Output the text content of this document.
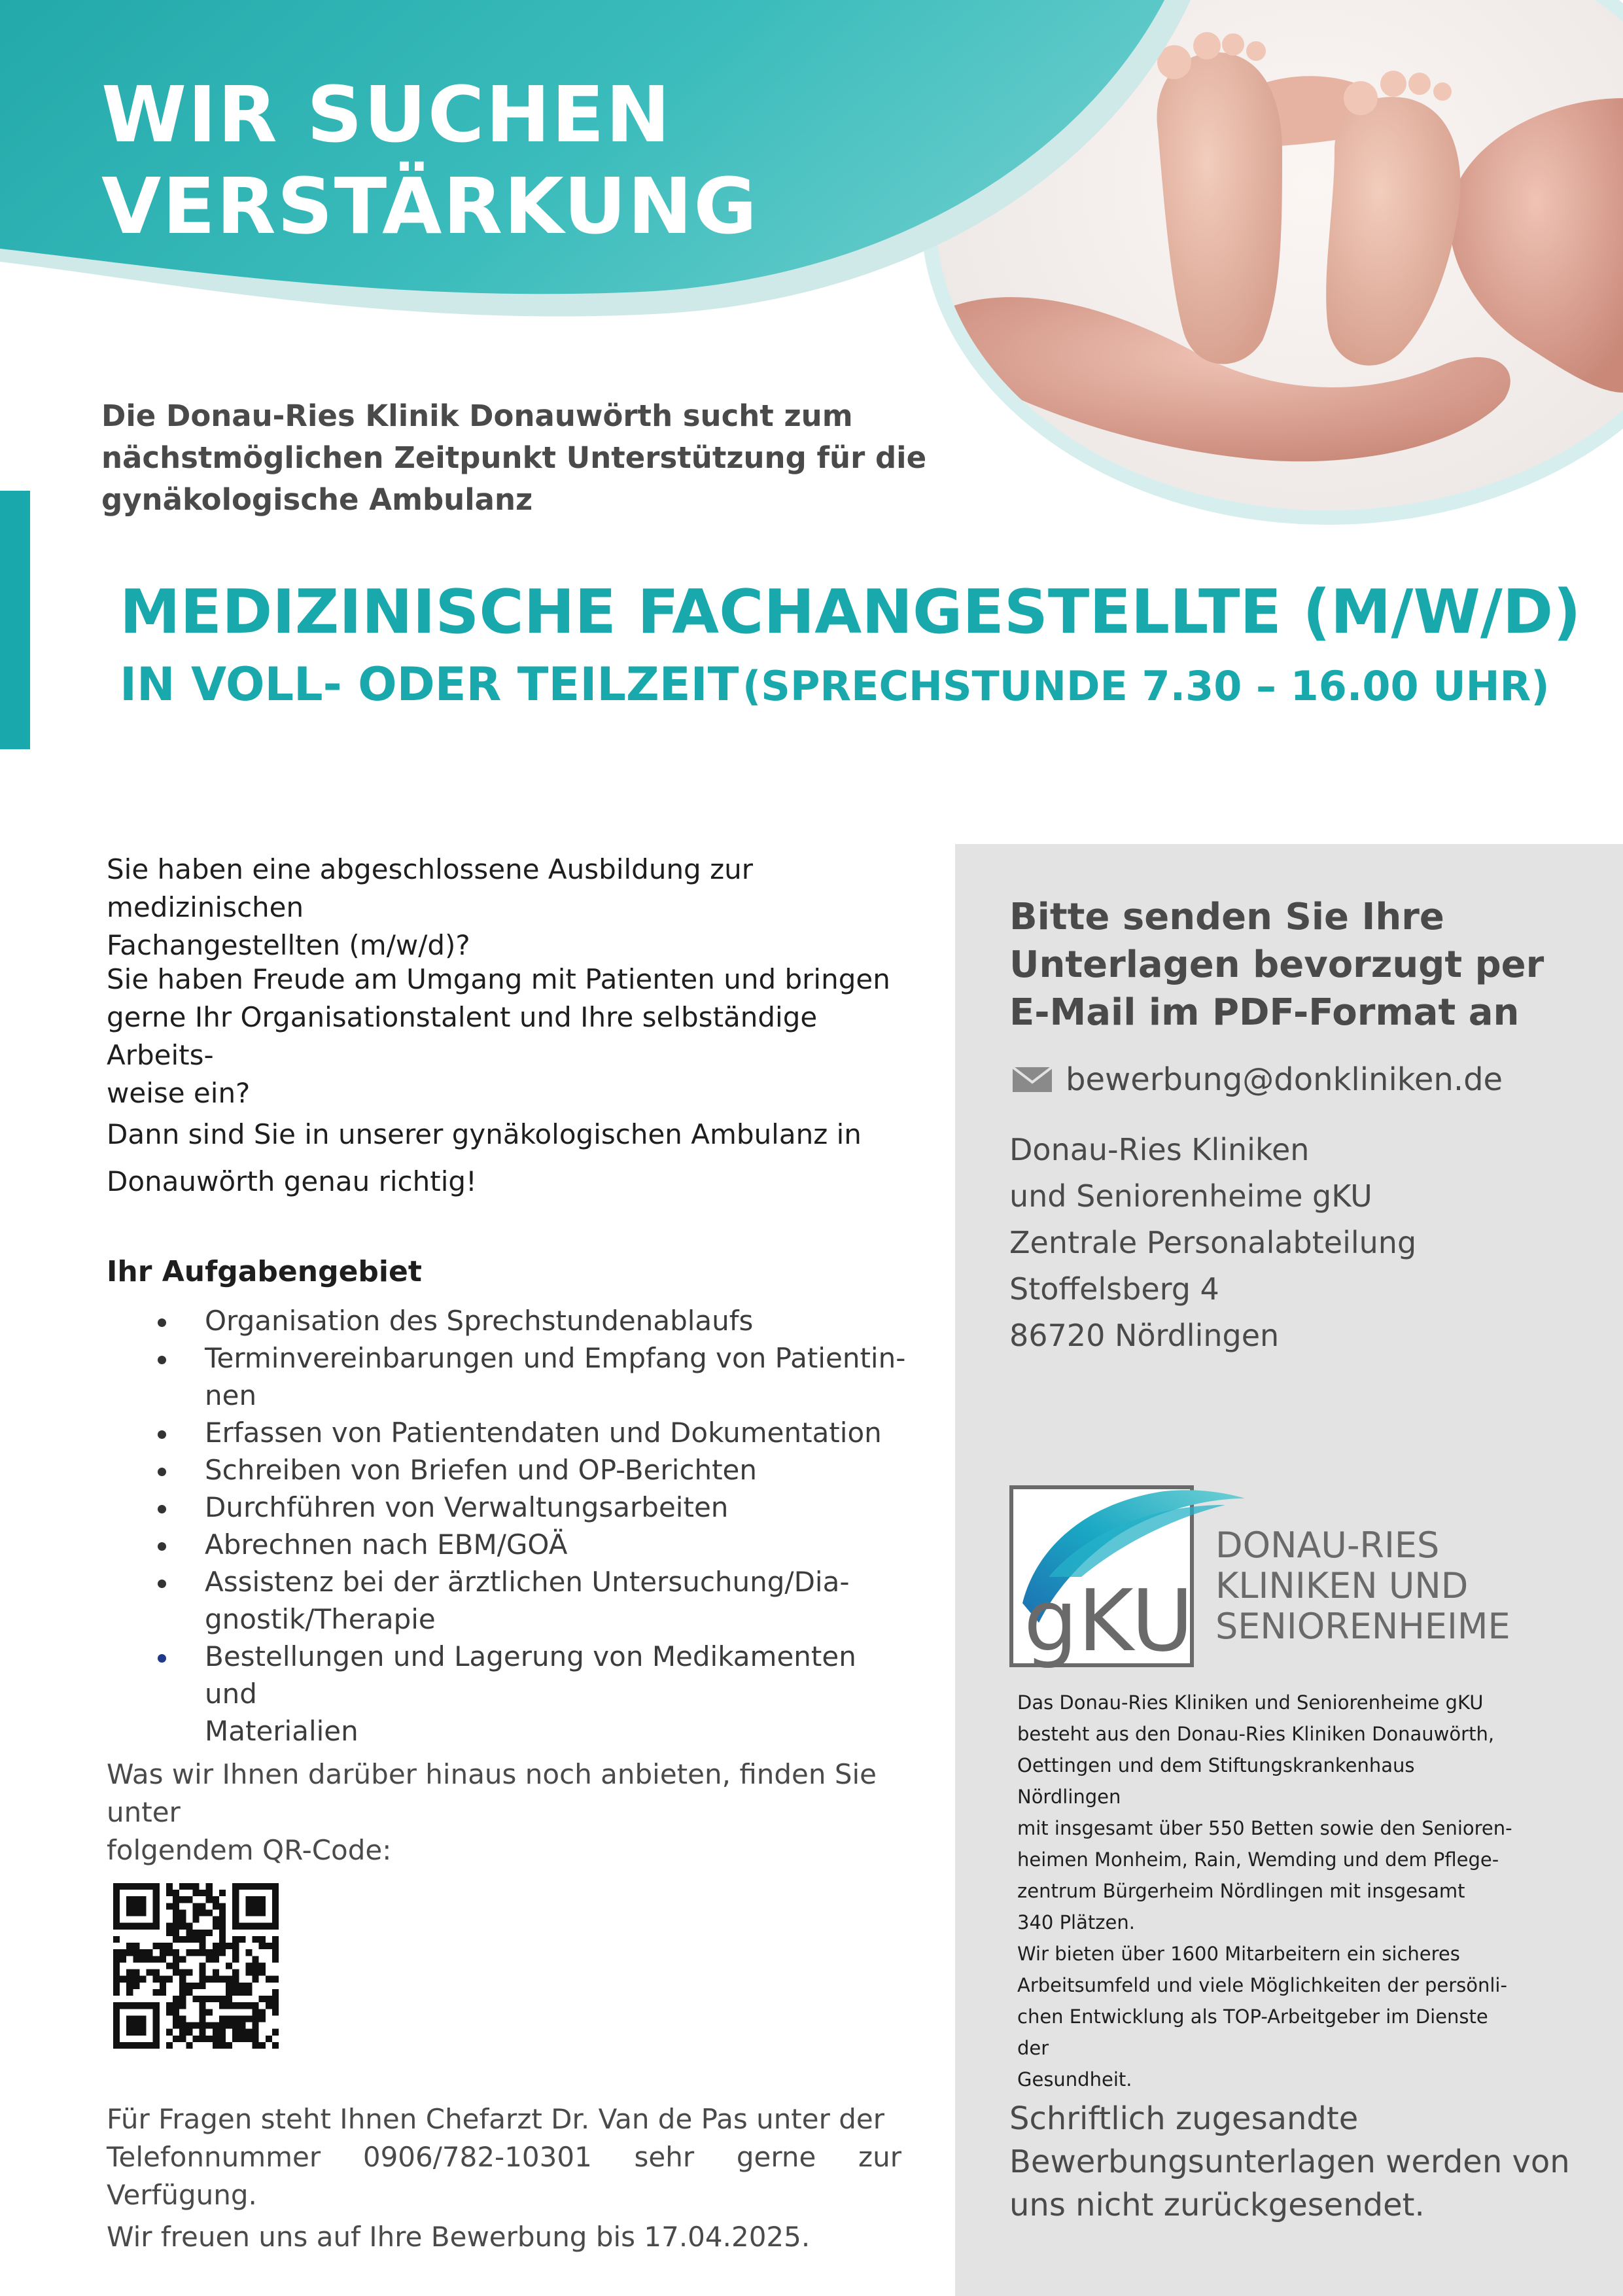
WIR SUCHEN
VERSTÄRKUNG
Die Donau-Ries Klinik Donauwörth sucht zum
nächstmöglichen Zeitpunkt Unterstützung für die
gynäkologische Ambulanz
MEDIZINISCHE FACHANGESTELLTE (M/W/D)
IN VOLL- ODER TEILZEIT (SPRECHSTUNDE 7.30 – 16.00 UHR)
Sie haben eine abgeschlossene Ausbildung zur medizinischen
Fachangestellten (m/w/d)?
Sie haben Freude am Umgang mit Patienten und bringen
gerne Ihr Organisationstalent und Ihre selbständige Arbeits-
weise ein?
Dann sind Sie in unserer gynäkologischen Ambulanz in
Donauwörth genau richtig!
Ihr Aufgabengebiet
Organisation des Sprechstundenablaufs
Terminvereinbarungen und Empfang von Patientin-
nen
Erfassen von Patientendaten und Dokumentation
Schreiben von Briefen und OP-Berichten
Durchführen von Verwaltungsarbeiten
Abrechnen nach EBM/GOÄ
Assistenz bei der ärztlichen Untersuchung/Dia-
gnostik/Therapie
Bestellungen und Lagerung von Medikamenten und
Materialien
Was wir Ihnen darüber hinaus noch anbieten, finden Sie unter
folgendem QR-Code:
Für Fragen steht Ihnen Chefarzt Dr. Van de Pas unter der
Telefonnummer 0906/782-10301 sehr gerne zur Verfügung.
Wir freuen uns auf Ihre Bewerbung bis 17.04.2025.
Bitte senden Sie Ihre
Unterlagen bevorzugt per
E-Mail im PDF-Format an
bewerbung@donkliniken.de
Donau-Ries Kliniken
und Seniorenheime gKU
Zentrale Personalabteilung
Stoffelsberg 4
86720 Nördlingen
gKU
DONAU-RIES
KLINIKEN UND
SENIORENHEIME
Das Donau-Ries Kliniken und Seniorenheime gKU
besteht aus den Donau-Ries Kliniken Donauwörth,
Oettingen und dem Stiftungskrankenhaus Nördlingen
mit insgesamt über 550 Betten sowie den Senioren-
heimen Monheim, Rain, Wemding und dem Pflege-
zentrum Bürgerheim Nördlingen mit insgesamt
340 Plätzen.
Wir bieten über 1600 Mitarbeitern ein sicheres
Arbeitsumfeld und viele Möglichkeiten der persönli-
chen Entwicklung als TOP-Arbeitgeber im Dienste der
Gesundheit.
Schriftlich zugesandte
Bewerbungsunterlagen werden von
uns nicht zurückgesendet.
